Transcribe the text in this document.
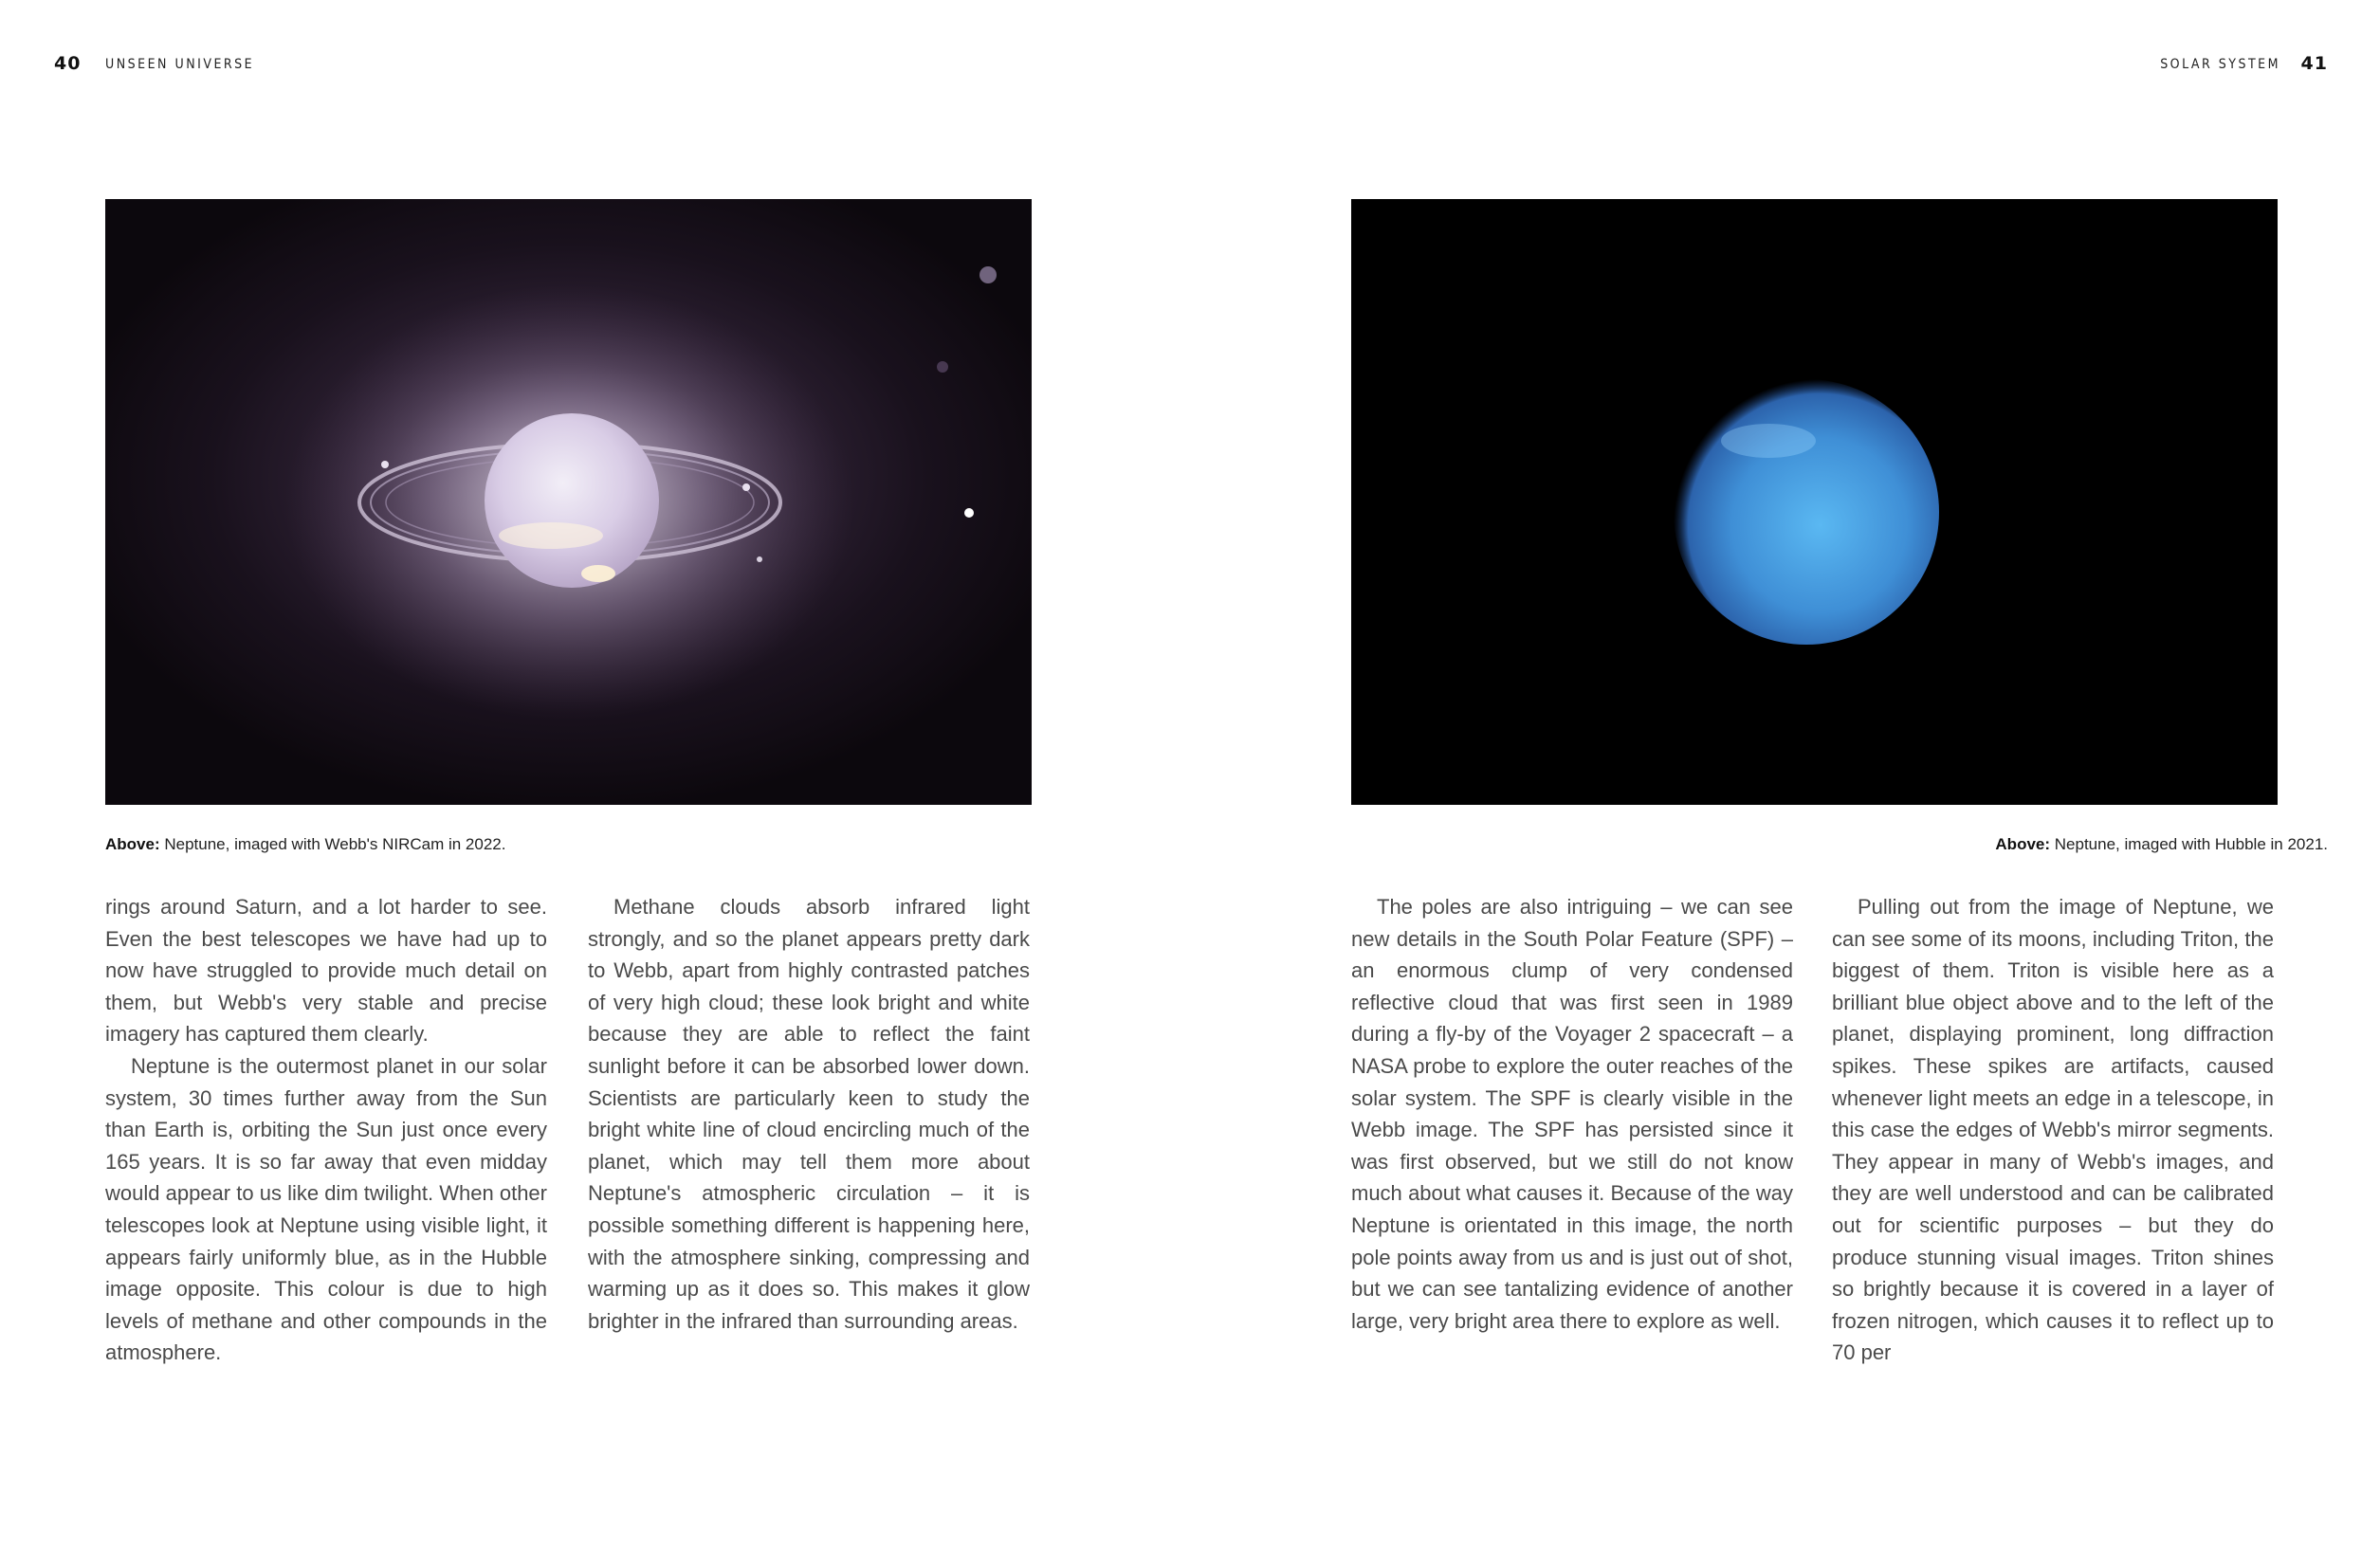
40 UNSEEN UNIVERSE
Above: Neptune, imaged with Webb's NIRCam in 2022.

rings around Saturn, and a lot harder to see. Even the best telescopes we have had up to now have struggled to provide much detail on them, but Webb's very stable and precise imagery has captured them clearly.

Neptune is the outermost planet in our solar system, 30 times further away from the Sun than Earth is, orbiting the Sun just once every 165 years. It is so far away that even midday would appear to us like dim twilight. When other telescopes look at Neptune using visible light, it appears fairly uniformly blue, as in the Hubble image opposite. This colour is due to high levels of methane and other compounds in the atmosphere.

Methane clouds absorb infrared light strongly, and so the planet appears pretty dark to Webb, apart from highly contrasted patches of very high cloud; these look bright and white because they are able to reflect the faint sunlight before it can be absorbed lower down. Scientists are particularly keen to study the bright white line of cloud encircling much of the planet, which may tell them more about Neptune's atmospheric circulation – it is possible something different is happening here, with the atmosphere sinking, compressing and warming up as it does so. This makes it glow brighter in the infrared than surrounding areas.

SOLAR SYSTEM 41
Above: Neptune, imaged with Hubble in 2021.

The poles are also intriguing – we can see new details in the South Polar Feature (SPF) – an enormous clump of very condensed reflective cloud that was first seen in 1989 during a fly-by of the Voyager 2 spacecraft – a NASA probe to explore the outer reaches of the solar system. The SPF is clearly visible in the Webb image. The SPF has persisted since it was first observed, but we still do not know much about what causes it. Because of the way Neptune is orientated in this image, the north pole points away from us and is just out of shot, but we can see tantalizing evidence of another large, very bright area there to explore as well.

Pulling out from the image of Neptune, we can see some of its moons, including Triton, the biggest of them. Triton is visible here as a brilliant blue object above and to the left of the planet, displaying prominent, long diffraction spikes. These spikes are artifacts, caused whenever light meets an edge in a telescope, in this case the edges of Webb's mirror segments. They appear in many of Webb's images, and they are well understood and can be calibrated out for scientific purposes – but they do produce stunning visual images. Triton shines so brightly because it is covered in a layer of frozen nitrogen, which causes it to reflect up to 70 per
